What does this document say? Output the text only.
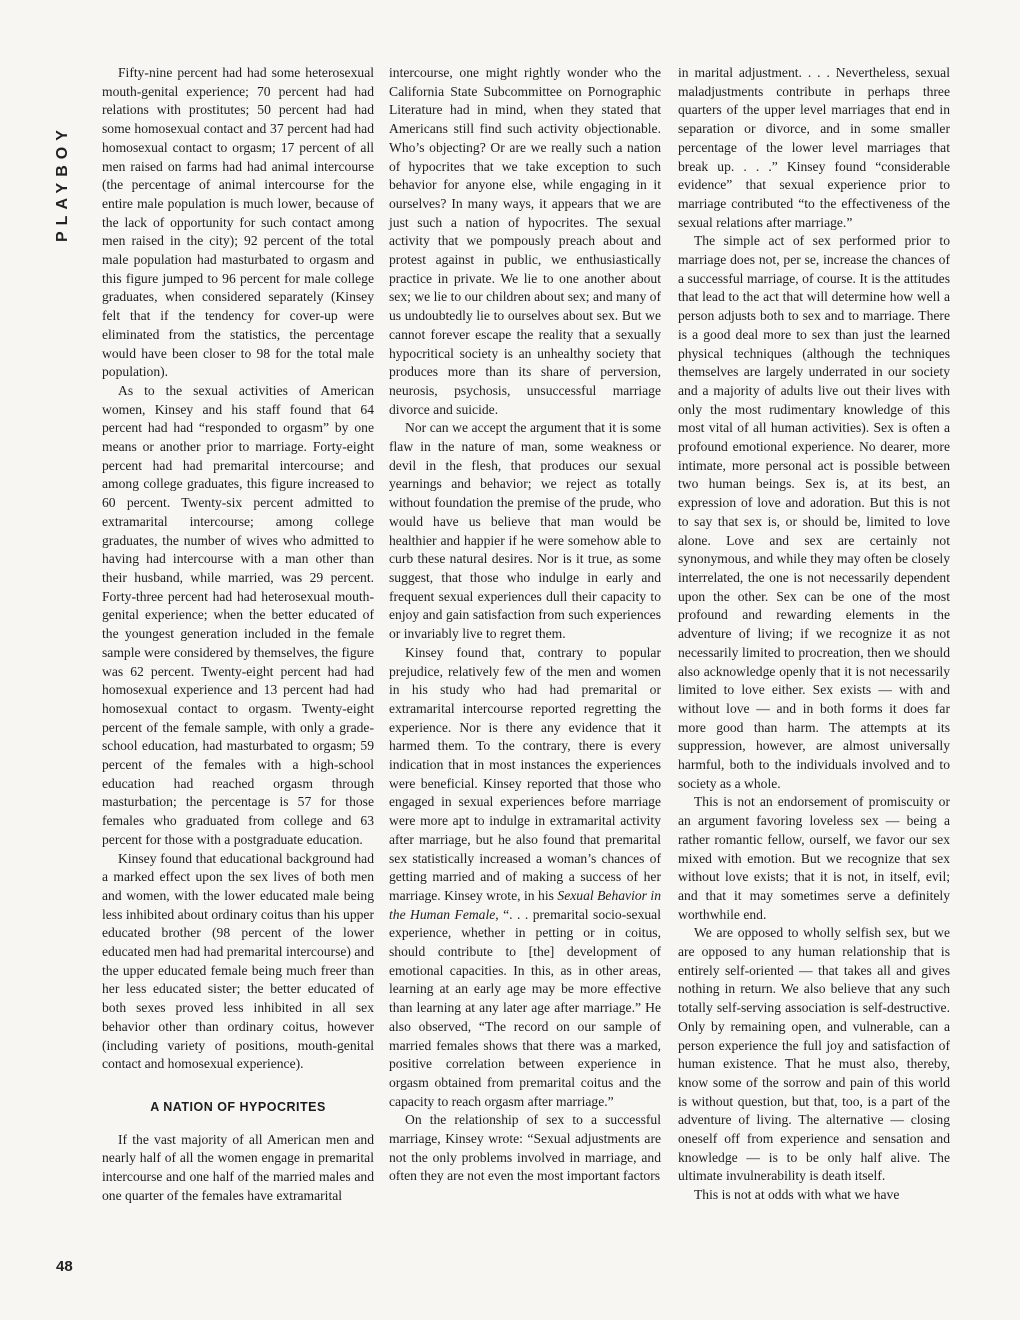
PLAYBOY
48

Fifty-nine percent had had some heterosexual mouth-genital experience; 70 percent had had relations with prostitutes; 50 percent had had some homosexual contact and 37 percent had had homosexual contact to orgasm; 17 percent of all men raised on farms had had animal intercourse (the percentage of animal intercourse for the entire male population is much lower, because of the lack of opportunity for such contact among men raised in the city); 92 percent of the total male population had masturbated to orgasm and this figure jumped to 96 percent for male college graduates, when considered separately (Kinsey felt that if the tendency for cover-up were eliminated from the statistics, the percentage would have been closer to 98 for the total male population).

As to the sexual activities of American women, Kinsey and his staff found that 64 percent had had “responded to orgasm” by one means or another prior to marriage. Forty-eight percent had had premarital intercourse; and among college graduates, this figure increased to 60 percent. Twenty-six percent admitted to extramarital intercourse; among college graduates, the number of wives who admitted to having had intercourse with a man other than their husband, while married, was 29 percent. Forty-three percent had had heterosexual mouth-genital experience; when the better educated of the youngest generation included in the female sample were considered by themselves, the figure was 62 percent. Twenty-eight percent had had homosexual experience and 13 percent had had homosexual contact to orgasm. Twenty-eight percent of the female sample, with only a grade-school education, had masturbated to orgasm; 59 percent of the females with a high-school education had reached orgasm through masturbation; the percentage is 57 for those females who graduated from college and 63 percent for those with a postgraduate education.

Kinsey found that educational background had a marked effect upon the sex lives of both men and women, with the lower educated male being less inhibited about ordinary coitus than his upper educated brother (98 percent of the lower educated men had had premarital intercourse) and the upper educated female being much freer than her less educated sister; the better educated of both sexes proved less inhibited in all sex behavior other than ordinary coitus, however (including variety of positions, mouth-genital contact and homosexual experience).

A NATION OF HYPOCRITES

If the vast majority of all American men and nearly half of all the women engage in premarital intercourse and one half of the married males and one quarter of the females have extramarital

intercourse, one might rightly wonder who the California State Subcommittee on Pornographic Literature had in mind, when they stated that Americans still find such activity objectionable. Who’s objecting? Or are we really such a nation of hypocrites that we take exception to such behavior for anyone else, while engaging in it ourselves? In many ways, it appears that we are just such a nation of hypocrites. The sexual activity that we pompously preach about and protest against in public, we enthusiastically practice in private. We lie to one another about sex; we lie to our children about sex; and many of us undoubtedly lie to ourselves about sex. But we cannot forever escape the reality that a sexually hypocritical society is an unhealthy society that produces more than its share of perversion, neurosis, psychosis, unsuccessful marriage divorce and suicide.

Nor can we accept the argument that it is some flaw in the nature of man, some weakness or devil in the flesh, that produces our sexual yearnings and behavior; we reject as totally without foundation the premise of the prude, who would have us believe that man would be healthier and happier if he were somehow able to curb these natural desires. Nor is it true, as some suggest, that those who indulge in early and frequent sexual experiences dull their capacity to enjoy and gain satisfaction from such experiences or invariably live to regret them.

Kinsey found that, contrary to popular prejudice, relatively few of the men and women in his study who had had premarital or extramarital intercourse reported regretting the experience. Nor is there any evidence that it harmed them. To the contrary, there is every indication that in most instances the experiences were beneficial. Kinsey reported that those who engaged in sexual experiences before marriage were more apt to indulge in extramarital activity after marriage, but he also found that premarital sex statistically increased a woman’s chances of getting married and of making a success of her marriage. Kinsey wrote, in his Sexual Behavior in the Human Female, “. . . premarital socio-sexual experience, whether in petting or in coitus, should contribute to [the] development of emotional capacities. In this, as in other areas, learning at an early age may be more effective than learning at any later age after marriage.” He also observed, “The record on our sample of married females shows that there was a marked, positive correlation between experience in orgasm obtained from premarital coitus and the capacity to reach orgasm after marriage.”

On the relationship of sex to a successful marriage, Kinsey wrote: “Sexual adjustments are not the only problems involved in marriage, and often they are not even the most important factors

in marital adjustment. . . . Nevertheless, sexual maladjustments contribute in perhaps three quarters of the upper level marriages that end in separation or divorce, and in some smaller percentage of the lower level marriages that break up. . . .” Kinsey found “considerable evidence” that sexual experience prior to marriage contributed “to the effectiveness of the sexual relations after marriage.”

The simple act of sex performed prior to marriage does not, per se, increase the chances of a successful marriage, of course. It is the attitudes that lead to the act that will determine how well a person adjusts both to sex and to marriage. There is a good deal more to sex than just the learned physical techniques (although the techniques themselves are largely underrated in our society and a majority of adults live out their lives with only the most rudimentary knowledge of this most vital of all human activities). Sex is often a profound emotional experience. No dearer, more intimate, more personal act is possible between two human beings. Sex is, at its best, an expression of love and adoration. But this is not to say that sex is, or should be, limited to love alone. Love and sex are certainly not synonymous, and while they may often be closely interrelated, the one is not necessarily dependent upon the other. Sex can be one of the most profound and rewarding elements in the adventure of living; if we recognize it as not necessarily limited to procreation, then we should also acknowledge openly that it is not necessarily limited to love either. Sex exists — with and without love — and in both forms it does far more good than harm. The attempts at its suppression, however, are almost universally harmful, both to the individuals involved and to society as a whole.

This is not an endorsement of promiscuity or an argument favoring loveless sex — being a rather romantic fellow, ourself, we favor our sex mixed with emotion. But we recognize that sex without love exists; that it is not, in itself, evil; and that it may sometimes serve a definitely worthwhile end.

We are opposed to wholly selfish sex, but we are opposed to any human relationship that is entirely self-oriented — that takes all and gives nothing in return. We also believe that any such totally self-serving association is self-destructive. Only by remaining open, and vulnerable, can a person experience the full joy and satisfaction of human existence. That he must also, thereby, know some of the sorrow and pain of this world is without question, but that, too, is a part of the adventure of living. The alternative — closing oneself off from experience and sensation and knowledge — is to be only half alive. The ultimate invulnerability is death itself.

This is not at odds with what we have
